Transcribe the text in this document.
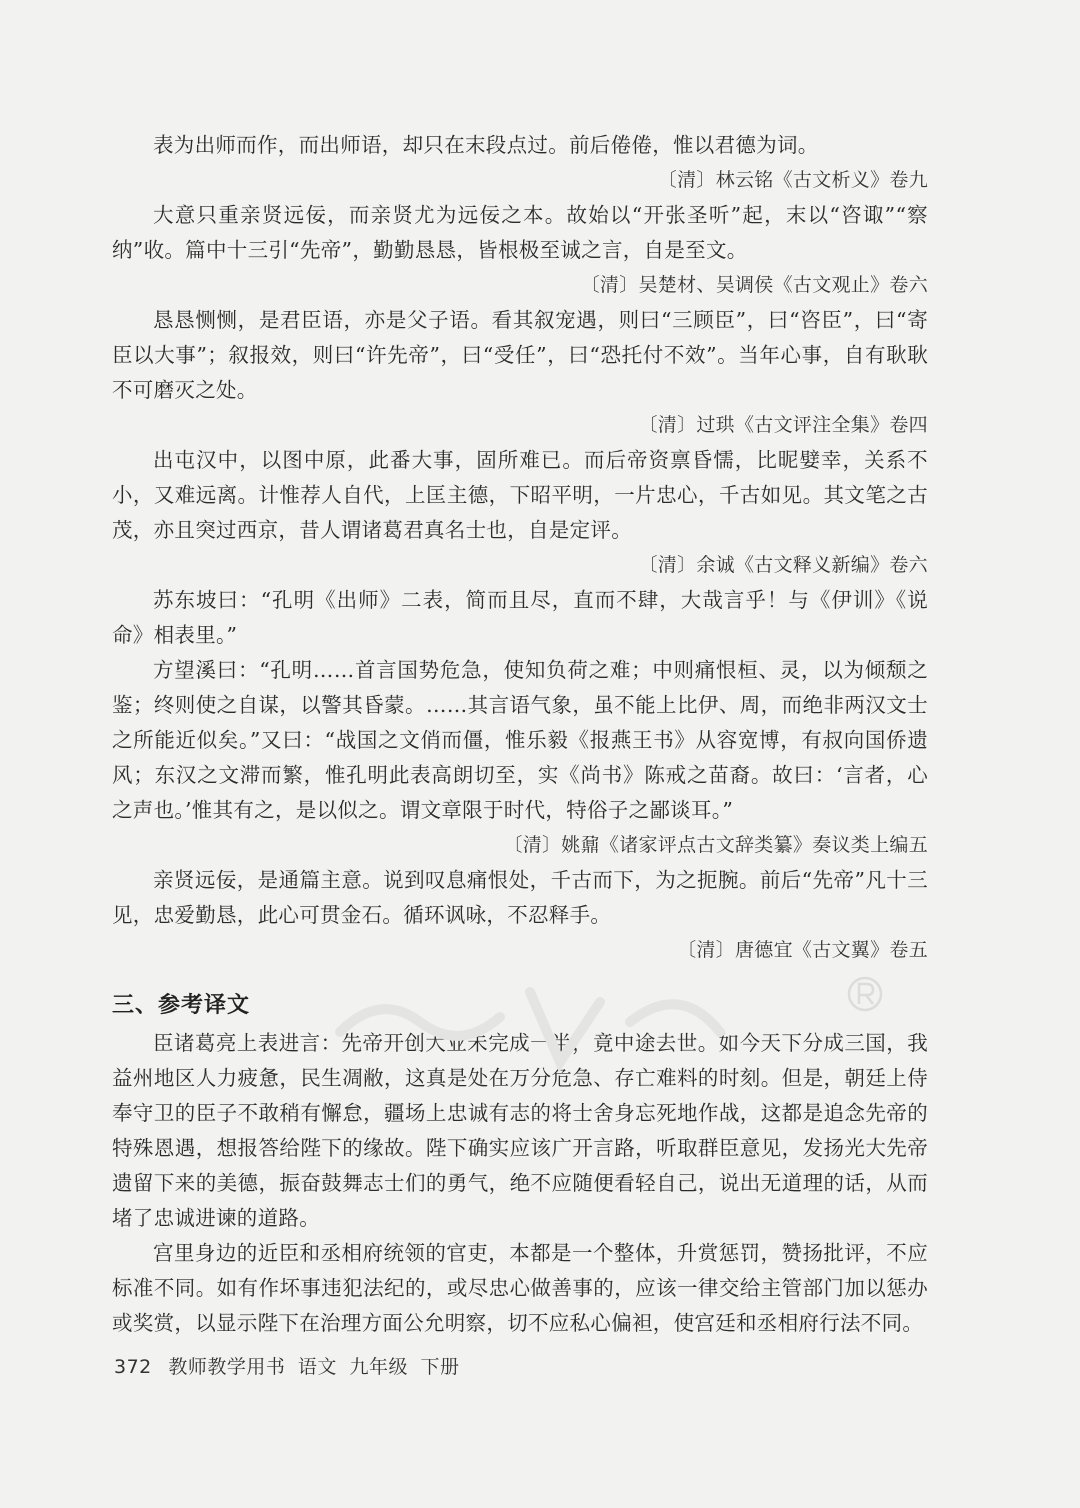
表为出师而作，而出师语，却只在末段点过。前后倦倦，惟以君德为词。

〔清〕林云铭《古文析义》卷九

大意只重亲贤远佞，而亲贤尤为远佞之本。故始以“开张圣听”起，末以“咨诹”“察纳”收。篇中十三引“先帝”，勤勤恳恳，皆根极至诚之言，自是至文。

〔清〕吴楚材、吴调侯《古文观止》卷六

恳恳恻恻，是君臣语，亦是父子语。看其叙宠遇，则曰“三顾臣”，曰“咨臣”，曰“寄臣以大事”；叙报效，则曰“许先帝”，曰“受任”，曰“恐托付不效”。当年心事，自有耿耿不可磨灭之处。

〔清〕过珙《古文评注全集》卷四

出屯汉中，以图中原，此番大事，固所难已。而后帝资禀昏懦，比昵嬖幸，关系不小，又难远离。计惟荐人自代，上匡主德，下昭平明，一片忠心，千古如见。其文笔之古茂，亦且突过西京，昔人谓诸葛君真名士也，自是定评。

〔清〕余诚《古文释义新编》卷六

苏东坡曰：“孔明《出师》二表，简而且尽，直而不肆，大哉言乎！与《伊训》《说命》相表里。”

方望溪曰：“孔明……首言国势危急，使知负荷之难；中则痛恨桓、灵，以为倾颓之鉴；终则使之自谋，以警其昏蒙。……其言语气象，虽不能上比伊、周，而绝非两汉文士之所能近似矣。”又曰：“战国之文俏而僵，惟乐毅《报燕王书》从容宽博，有叔向国侨遗风；东汉之文滞而繁，惟孔明此表高朗切至，实《尚书》陈戒之苗裔。故曰：‘言者，心之声也。’惟其有之，是以似之。谓文章限于时代，特俗子之鄙谈耳。”

〔清〕姚鼐《诸家评点古文辞类纂》奏议类上编五

亲贤远佞，是通篇主意。说到叹息痛恨处，千古而下，为之扼腕。前后“先帝”凡十三见，忠爱勤恳，此心可贯金石。循环讽咏，不忍释手。

〔清〕唐德宜《古文翼》卷五

三、参考译文

臣诸葛亮上表进言：先帝开创大业未完成一半，竟中途去世。如今天下分成三国，我益州地区人力疲惫，民生凋敝，这真是处在万分危急、存亡难料的时刻。但是，朝廷上侍奉守卫的臣子不敢稍有懈怠，疆场上忠诚有志的将士舍身忘死地作战，这都是追念先帝的特殊恩遇，想报答给陛下的缘故。陛下确实应该广开言路，听取群臣意见，发扬光大先帝遗留下来的美德，振奋鼓舞志士们的勇气，绝不应随便看轻自己，说出无道理的话，从而堵了忠诚进谏的道路。

宫里身边的近臣和丞相府统领的官吏，本都是一个整体，升赏惩罚，赞扬批评，不应标准不同。如有作坏事违犯法纪的，或尽忠心做善事的，应该一律交给主管部门加以惩办或奖赏，以显示陛下在治理方面公允明察，切不应私心偏袒，使宫廷和丞相府行法不同。

372 教师教学用书 语文 九年级 下册
